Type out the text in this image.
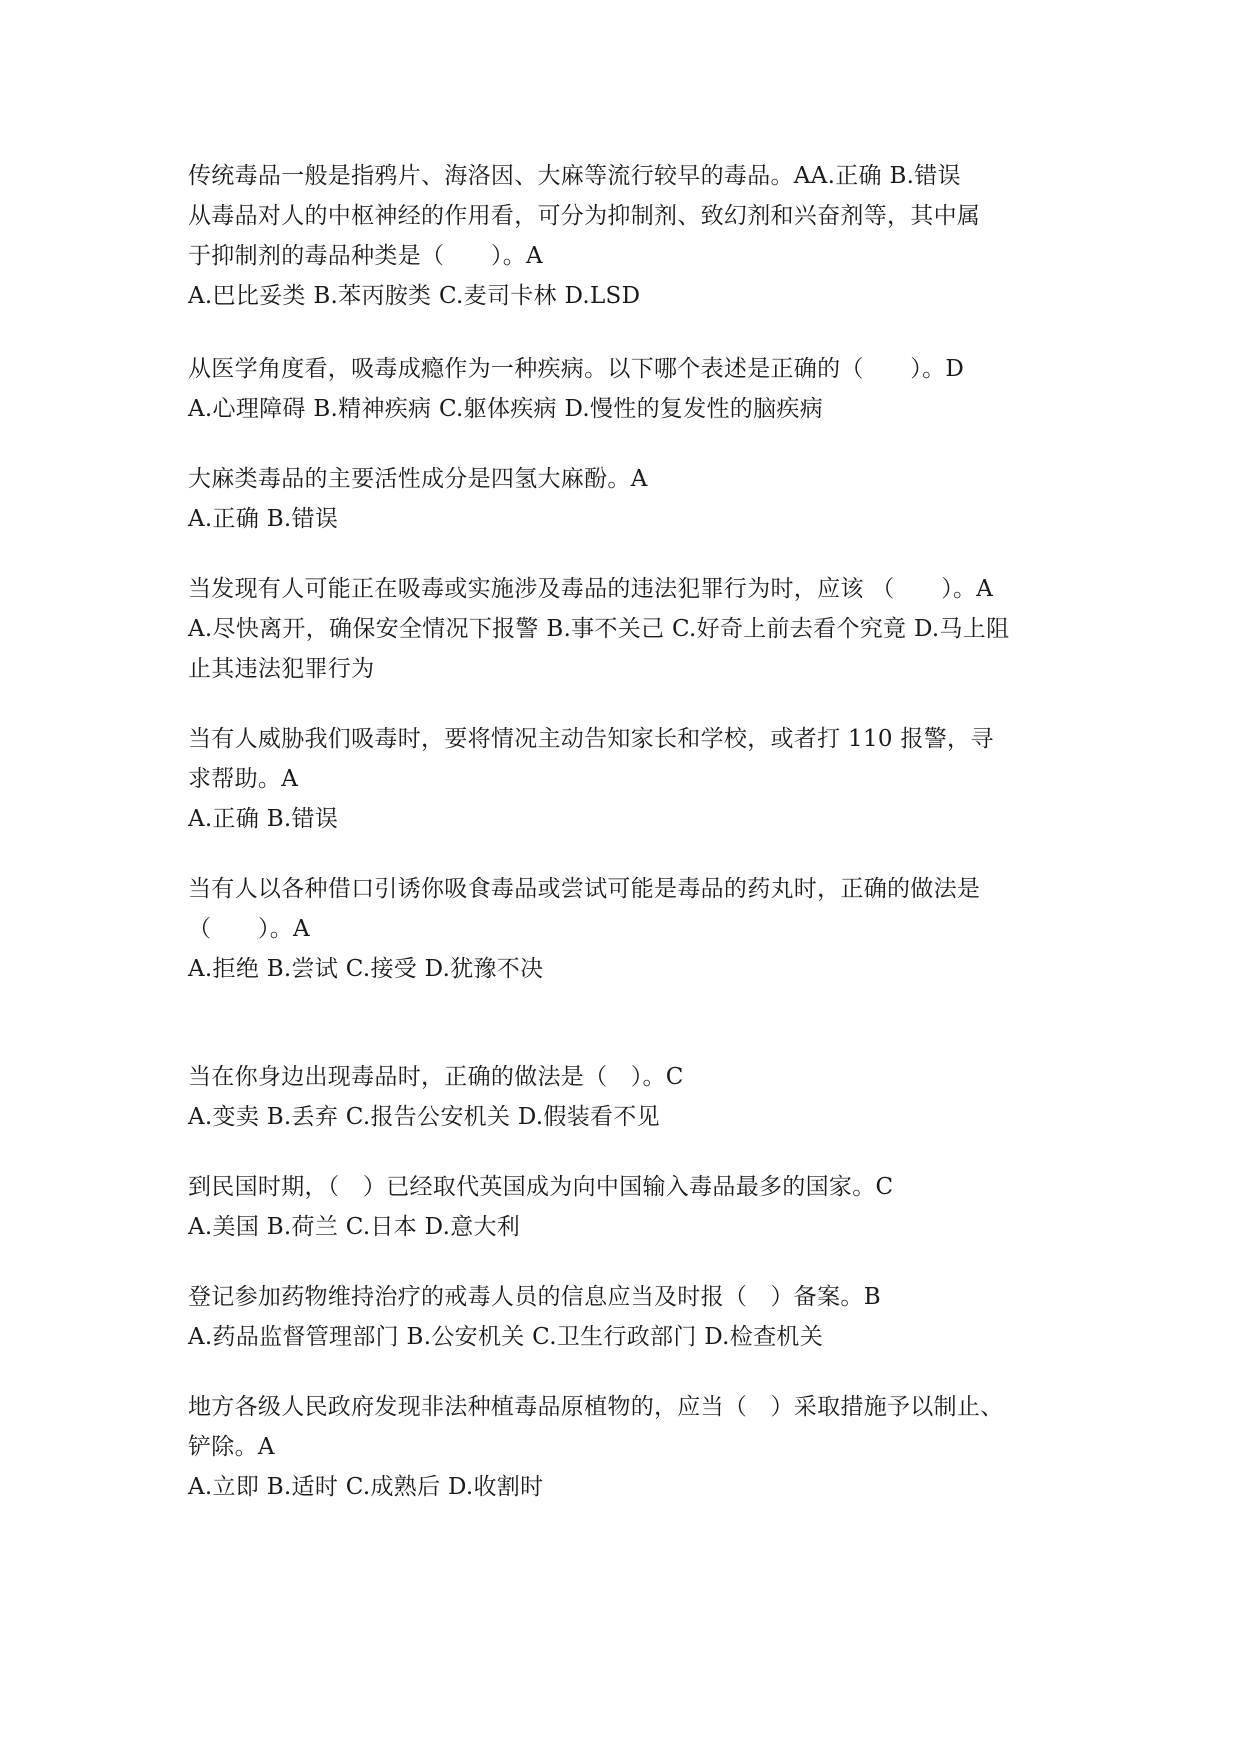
传统毒品一般是指鸦片、海洛因、大麻等流行较早的毒品。AA.正确 B.错误

从毒品对人的中枢神经的作用看，可分为抑制剂、致幻剂和兴奋剂等，其中属

于抑制剂的毒品种类是（　　）。A

A.巴比妥类 B.苯丙胺类 C.麦司卡林 D.LSD

从医学角度看，吸毒成瘾作为一种疾病。以下哪个表述是正确的（　　）。D

A.心理障碍 B.精神疾病 C.躯体疾病 D.慢性的复发性的脑疾病

大麻类毒品的主要活性成分是四氢大麻酚。A

A.正确 B.错误

当发现有人可能正在吸毒或实施涉及毒品的违法犯罪行为时，应该 （　　）。A

A.尽快离开，确保安全情况下报警 B.事不关己 C.好奇上前去看个究竟 D.马上阻

止其违法犯罪行为

当有人威胁我们吸毒时，要将情况主动告知家长和学校，或者打 110 报警，寻

求帮助。A

A.正确 B.错误

当有人以各种借口引诱你吸食毒品或尝试可能是毒品的药丸时，正确的做法是

（　　）。A

A.拒绝 B.尝试 C.接受 D.犹豫不决

当在你身边出现毒品时，正确的做法是（　）。C

A.变卖 B.丢弃 C.报告公安机关 D.假装看不见

到民国时期，（　）已经取代英国成为向中国输入毒品最多的国家。C

A.美国 B.荷兰 C.日本 D.意大利

登记参加药物维持治疗的戒毒人员的信息应当及时报（　）备案。B

A.药品监督管理部门 B.公安机关 C.卫生行政部门 D.检查机关

地方各级人民政府发现非法种植毒品原植物的，应当（　）采取措施予以制止、

铲除。A

A.立即 B.适时 C.成熟后 D.收割时
